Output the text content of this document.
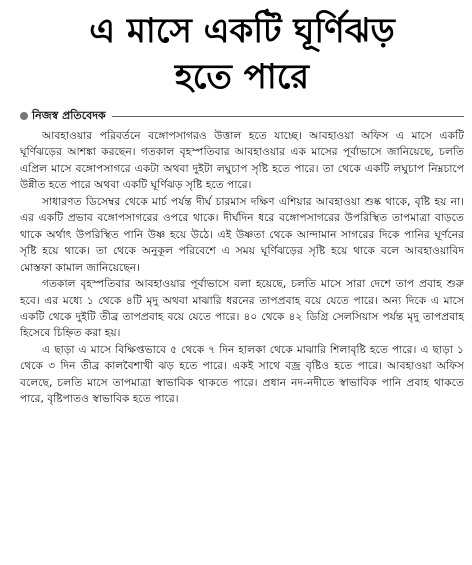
এ মাসে একটি ঘূর্ণিঝড়
হতে পারে
নিজস্ব প্রতিবেদক

আবহাওয়ার পরিবর্তনে বঙ্গোপসাগরও উত্তাল হতে যাচ্ছে। আবহাওয়া অফিস এ মাসে একটি ঘূর্ণিঝড়ের আশঙ্কা করছেন। গতকাল বৃহস্পতিবার আবহাওয়ার এক মাসের পূর্বাভাসে জানিয়েছে, চলতি এপ্রিল মাসে বঙ্গোপসাগরে একটা অথবা দুইটা লঘুচাপ সৃষ্টি হতে পারে। তা থেকে একটি লঘুচাপ নিম্নচাপে উন্নীত হতে পারে অথবা একটি ঘূর্ণিঝড় সৃষ্টি হতে পারে।

সাধারণত ডিসেম্বর থেকে মার্চ পর্যন্ত দীর্ঘ চারমাস দক্ষিণ এশিয়ার আবহাওয়া শুষ্ক থাকে, বৃষ্টি হয় না। এর একটি প্রভাব বঙ্গোপসাগরের ওপরে থাকে। দীর্ঘদিন ধরে বঙ্গোপসাগরের উপরিস্থিত তাপমাত্রা বাড়তে থাকে অর্থাৎ উপরিস্থিত পানি উষ্ণ হয়ে উঠে। এই উষ্ণতা থেকে আন্দামান সাগরের দিকে পানির ঘূর্ণনের সৃষ্টি হয়ে থাকে। তা থেকে অনুকূল পরিবেশে এ সময় ঘূর্ণিঝড়ের সৃষ্টি হয়ে থাকে বলে আবহাওয়াবিদ মোস্তফা কামাল জানিয়েছেন।

গতকাল বৃহস্পতিবার আবহাওয়ার পূর্বাভাসে বলা হয়েছে, চলতি মাসে সারা দেশে তাপ প্রবাহ শুরু হবে। এর মধ্যে ১ থেকে ৪টি মৃদু অথবা মাঝারি ধরনের তাপপ্রবাহ বয়ে যেতে পারে। অন্য দিকে এ মাসে একটি থেকে দুইটি তীব্র তাপপ্রবাহ বয়ে যেতে পারে। ৪০ থেকে ৪২ ডিগ্রি সেলসিয়াস পর্যন্ত মৃদু তাপপ্রবাহ হিসেবে চিহ্নিত করা হয়।

এ ছাড়া এ মাসে বিক্ষিপ্তভাবে ৫ থেকে ৭ দিন হালকা থেকে মাঝারি শিলাবৃষ্টি হতে পারে। এ ছাড়া ১ থেকে ৩ দিন তীব্র কালবৈশাখী ঝড় হতে পারে। একই সাথে বজ্র বৃষ্টিও হতে পারে। আবহাওয়া অফিস বলেছে, চলতি মাসে তাপমাত্রা স্বাভাবিক থাকতে পারে। প্রধান নদ-নদীতে স্বাভাবিক পানি প্রবাহ থাকতে পারে, বৃষ্টিপাতও স্বাভাবিক হতে পারে।
